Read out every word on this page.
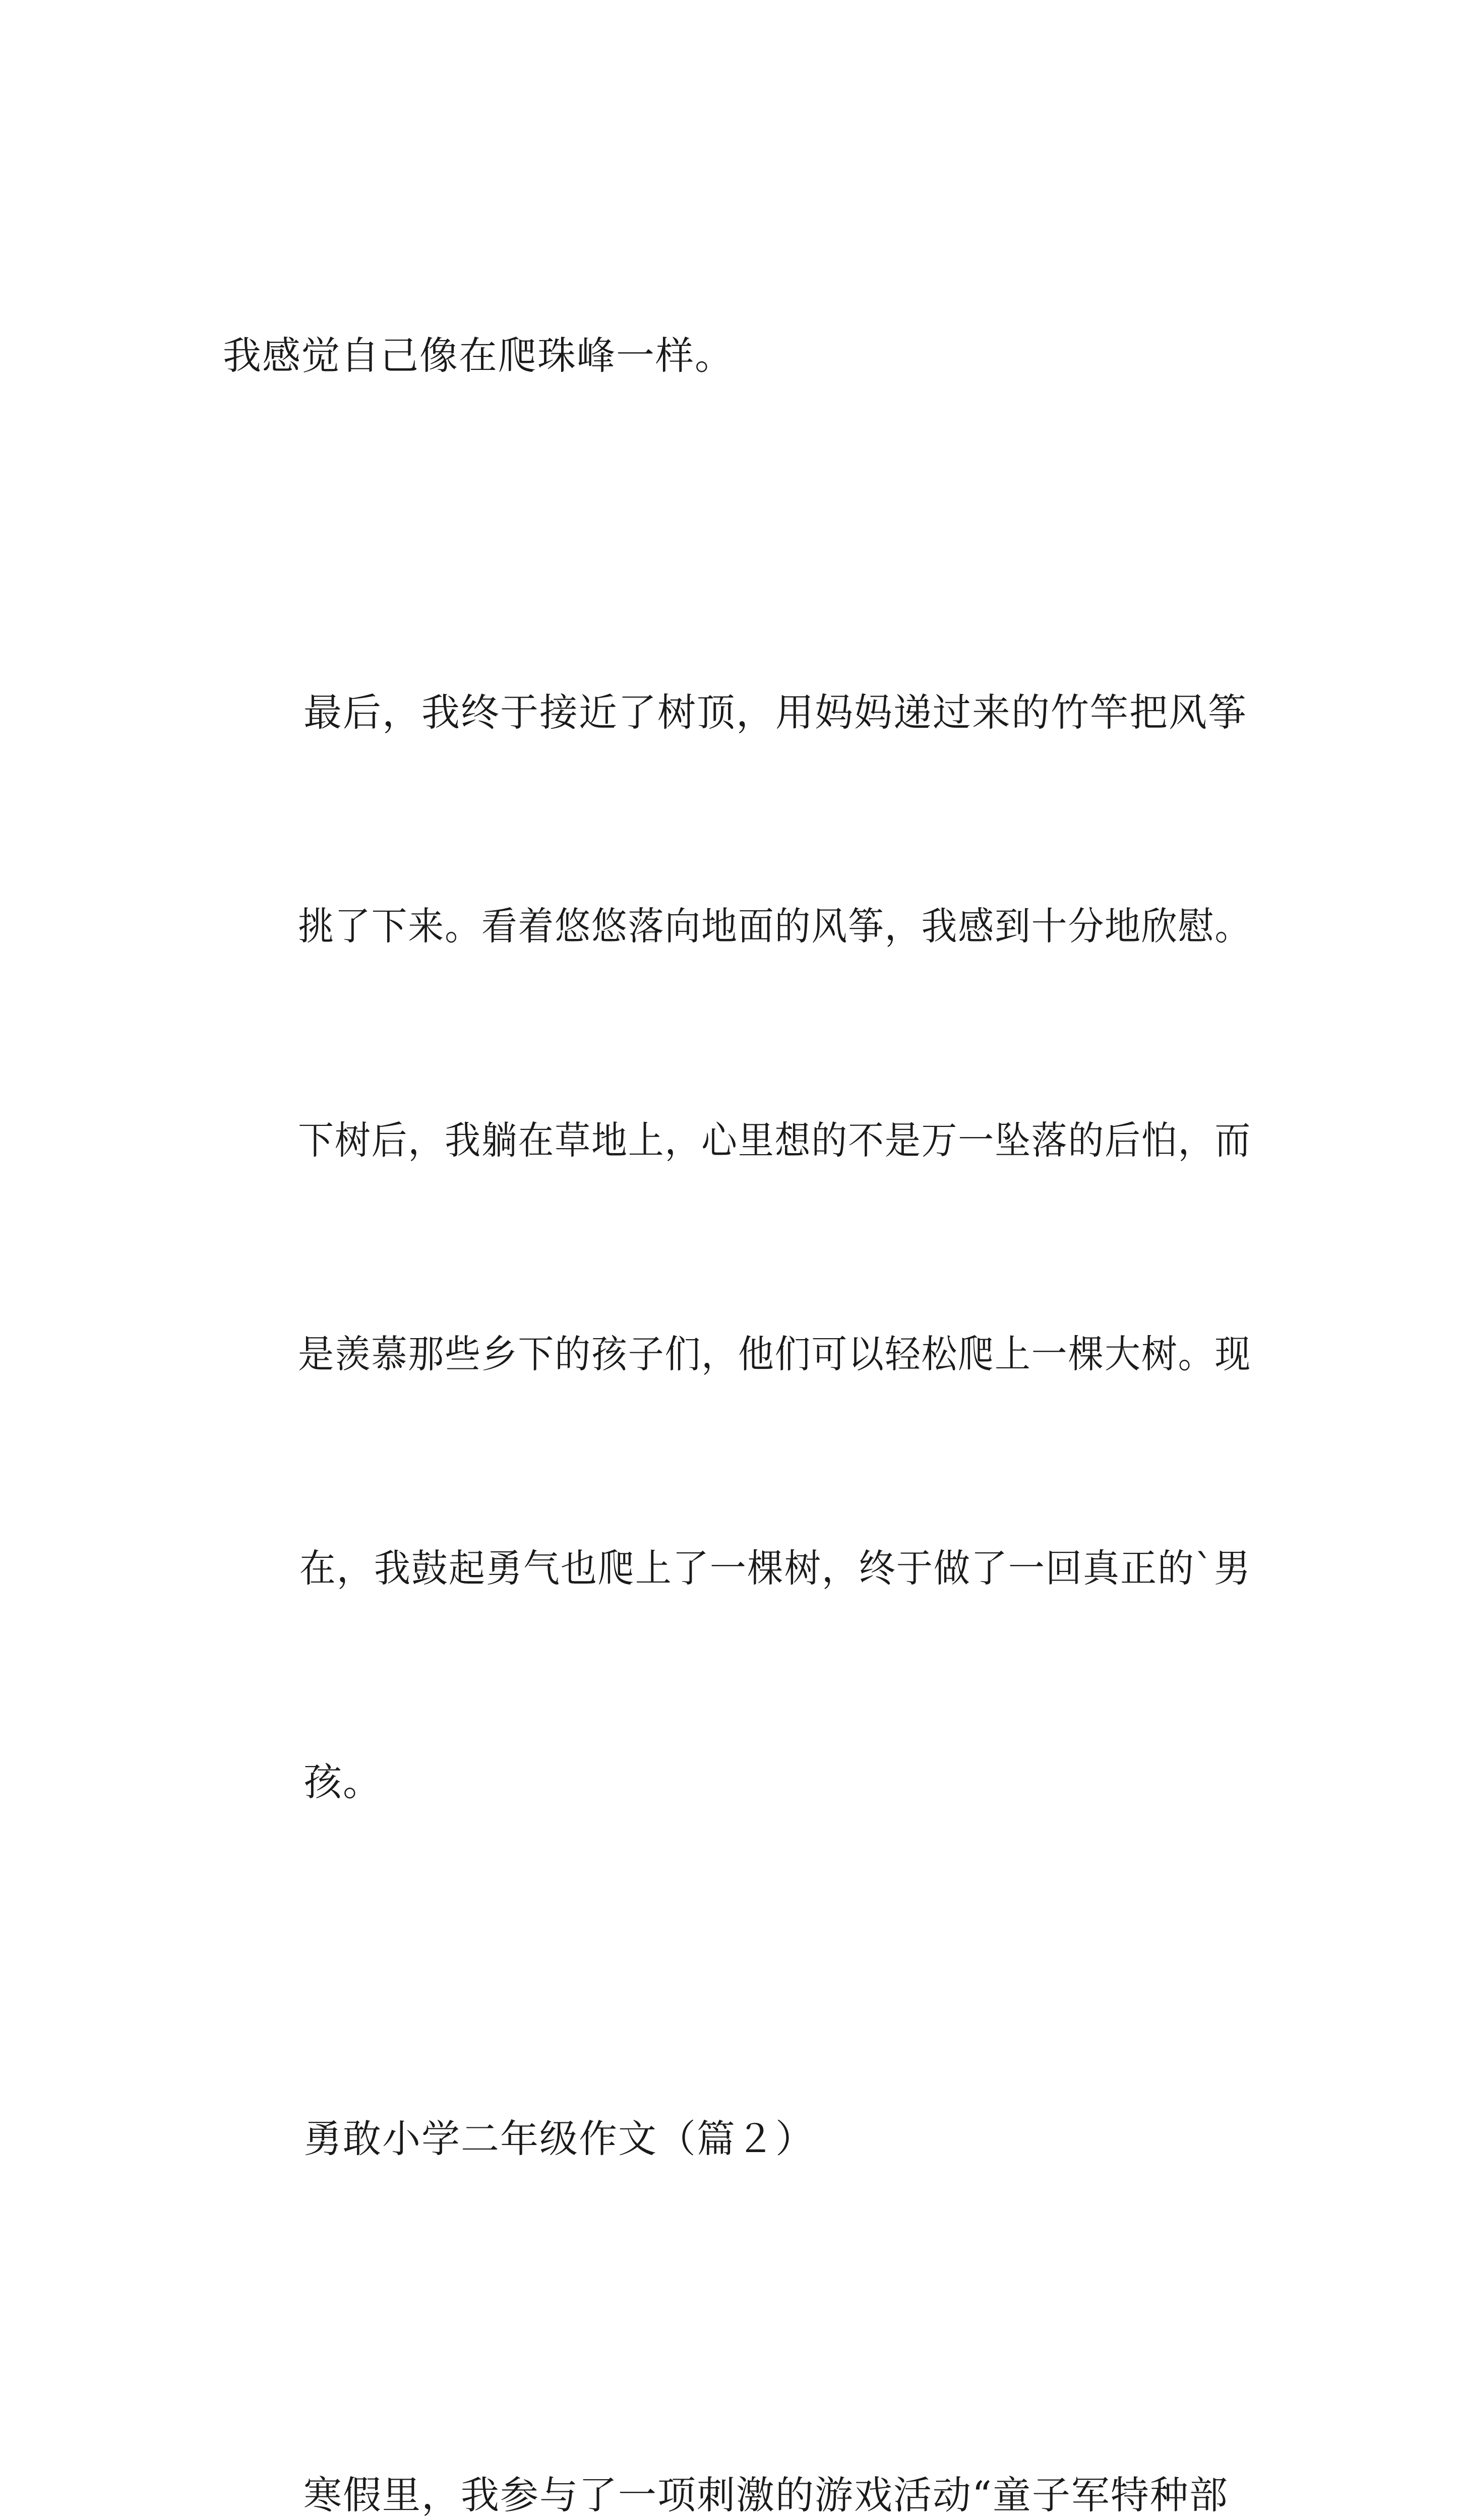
我感觉自己像在爬珠峰一样。

最后，我终于接近了树顶，用妈妈递过来的竹竿把风筝

挑了下来。看着悠悠落向地面的风筝，我感到十分地欣慰。

下树后，我躺在草地上，心里想的不是万一坠落的后怕，而

是羡慕那些乡下的孩子们，他们可以轻松爬上一棵大树。现

在，我鼓起勇气也爬上了一棵树，终于做了一回真正的`男

孩。

勇敢小学二年级作文（篇２）

寒假里，我参与了一项刺激的游戏活动“童子军特种部
